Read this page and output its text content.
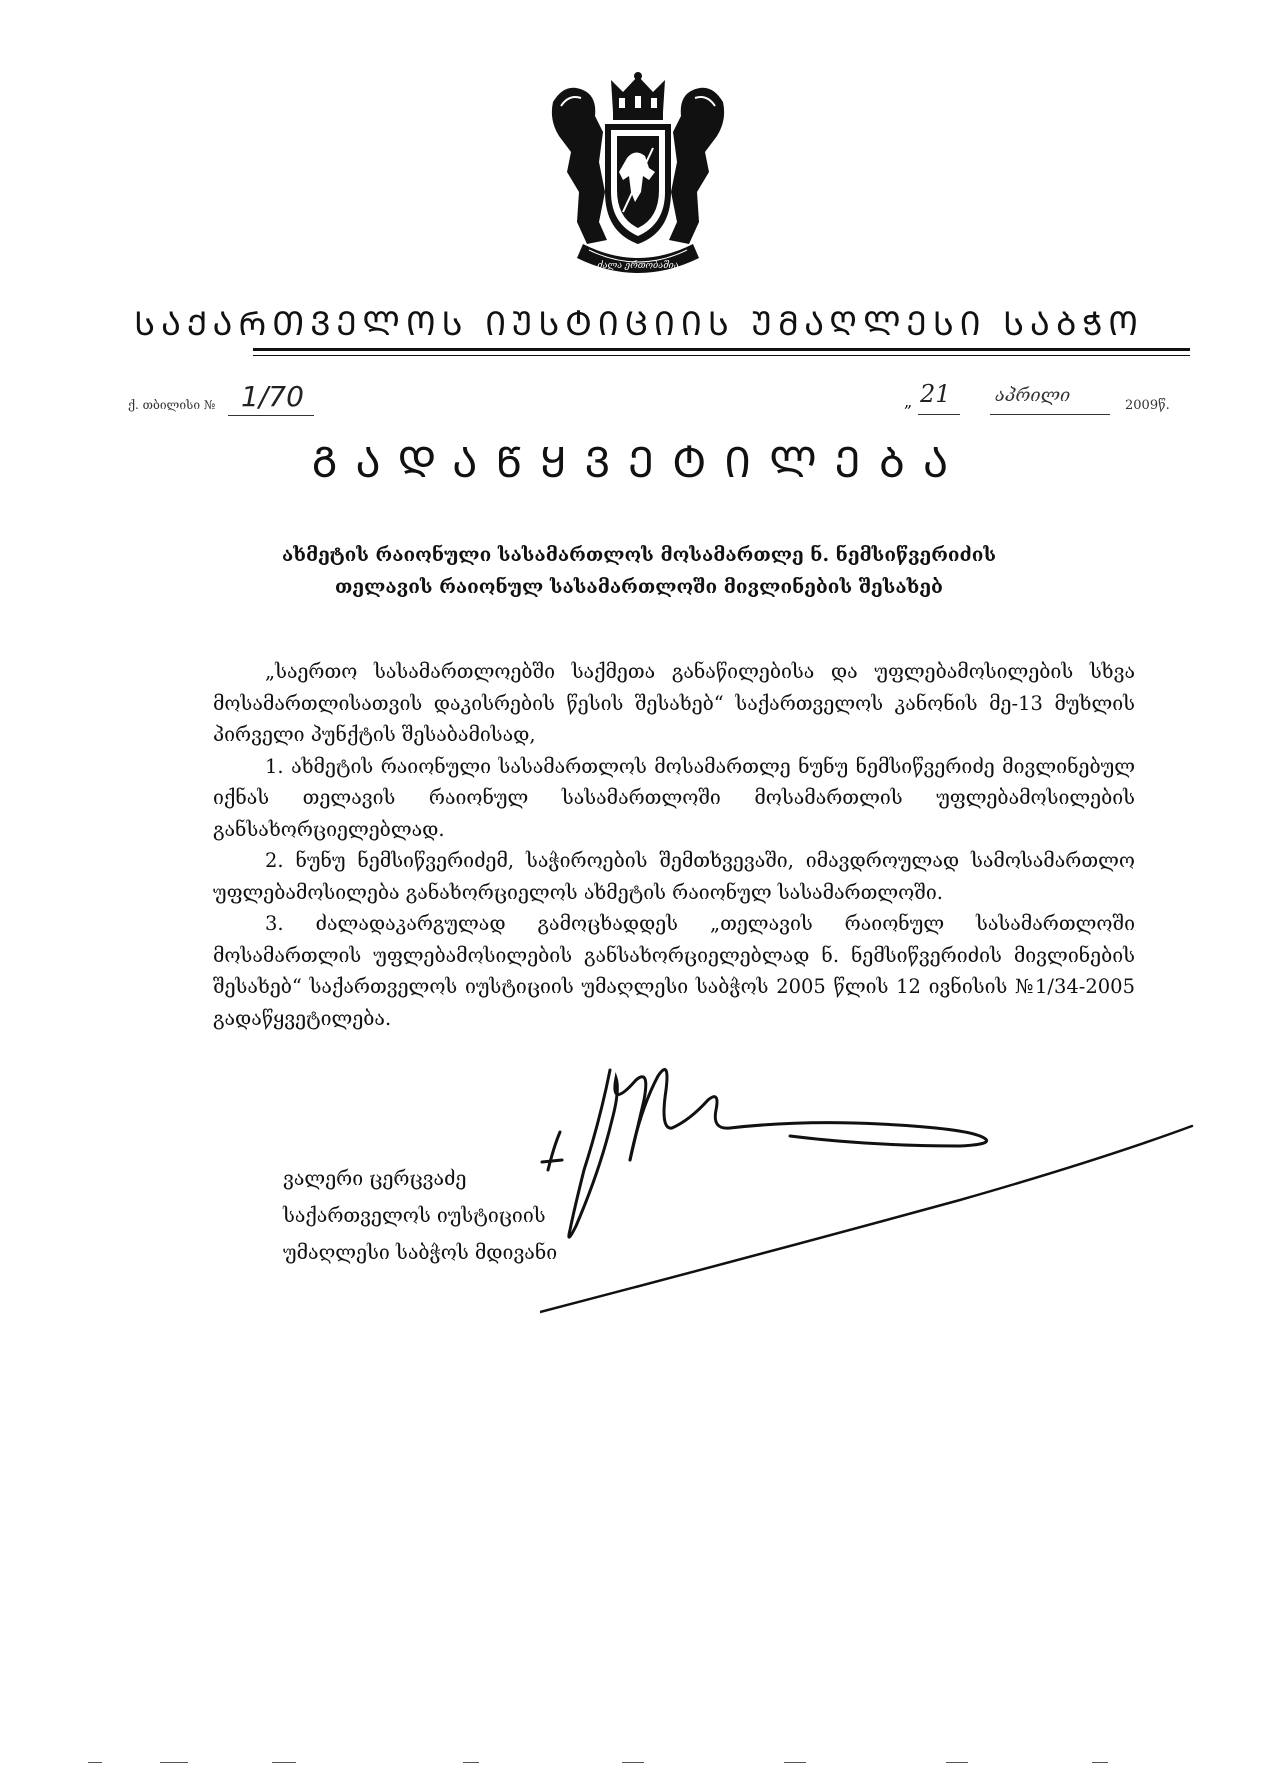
ძალა ერთობაშია
ᲡᲐᲥᲐᲠᲗᲕᲔᲚᲝᲡ ᲘᲣᲡᲢᲘᲪᲘᲘᲡ ᲣᲛᲐᲦᲚᲔᲡᲘ ᲡᲐᲑᲭᲝ
ქ. თბილისი № 1/70	„ 21 აპრილი	2009წ.
ᲒᲐᲓᲐᲬᲧᲕᲔᲢᲘᲚᲔᲑᲐ
ახმეტის რაიონული სასამართლოს მოსამართლე ნ. ნემსიწვერიძის
თელავის რაიონულ სასამართლოში მივლინების შესახებ

„საერთო სასამართლოებში საქმეთა განაწილებისა და უფლებამოსილების სხვა მოსამართლისათვის დაკისრების წესის შესახებ“ საქართველოს კანონის მე-13 მუხლის პირველი პუნქტის შესაბამისად,

1. ახმეტის რაიონული სასამართლოს მოსამართლე ნუნუ ნემსიწვერიძე მივლინებულ იქნას თელავის რაიონულ სასამართლოში მოსამართლის უფლებამოსილების განსახორციელებლად.

2. ნუნუ ნემსიწვერიძემ, საჭიროების შემთხვევაში, იმავდროულად სამოსამართლო უფლებამოსილება განახორციელოს ახმეტის რაიონულ სასამართლოში.

3. ძალადაკარგულად გამოცხადდეს „თელავის რაიონულ სასამართლოში მოსამართლის უფლებამოსილების განსახორციელებლად ნ. ნემსიწვერიძის მივლინების შესახებ“ საქართველოს იუსტიციის უმაღლესი საბჭოს 2005 წლის 12 ივნისის №1/34-2005 გადაწყვეტილება.

ვალერი ცერცვაძე
საქართველოს იუსტიციის
უმაღლესი საბჭოს მდივანი
